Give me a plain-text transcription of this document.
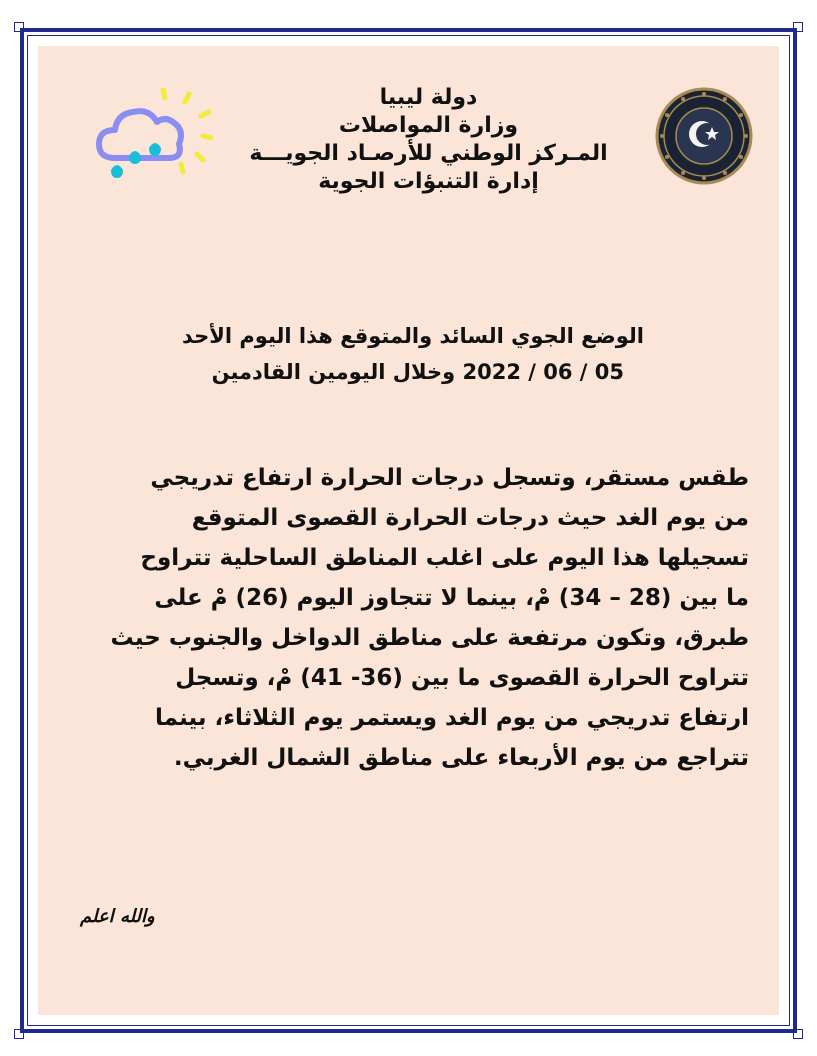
دولة ليبيا
وزارة المواصلات
المـركز الوطني للأرصـاد الجويـــة
إدارة التنبؤات الجوية
الوضع الجوي السائد والمتوقع هذا اليوم الأحد
05 / 06 / 2022 وخلال اليومين القادمين
طقس مستقر، وتسجل درجات الحرارة ارتفاع تدريجي
من يوم الغد حيث درجات الحرارة القصوى المتوقع
تسجيلها هذا اليوم على اغلب المناطق الساحلية تتراوح
ما بين (28 – 34) مْ، بينما لا تتجاوز اليوم (26) مْ على
طبرق، وتكون مرتفعة على مناطق الدواخل والجنوب حيث
تتراوح الحرارة القصوى ما بين (36- 41) مْ، وتسجل
ارتفاع تدريجي من يوم الغد ويستمر يوم الثلاثاء، بينما
تتراجع من يوم الأربعاء على مناطق الشمال الغربي.
والله اعلم
